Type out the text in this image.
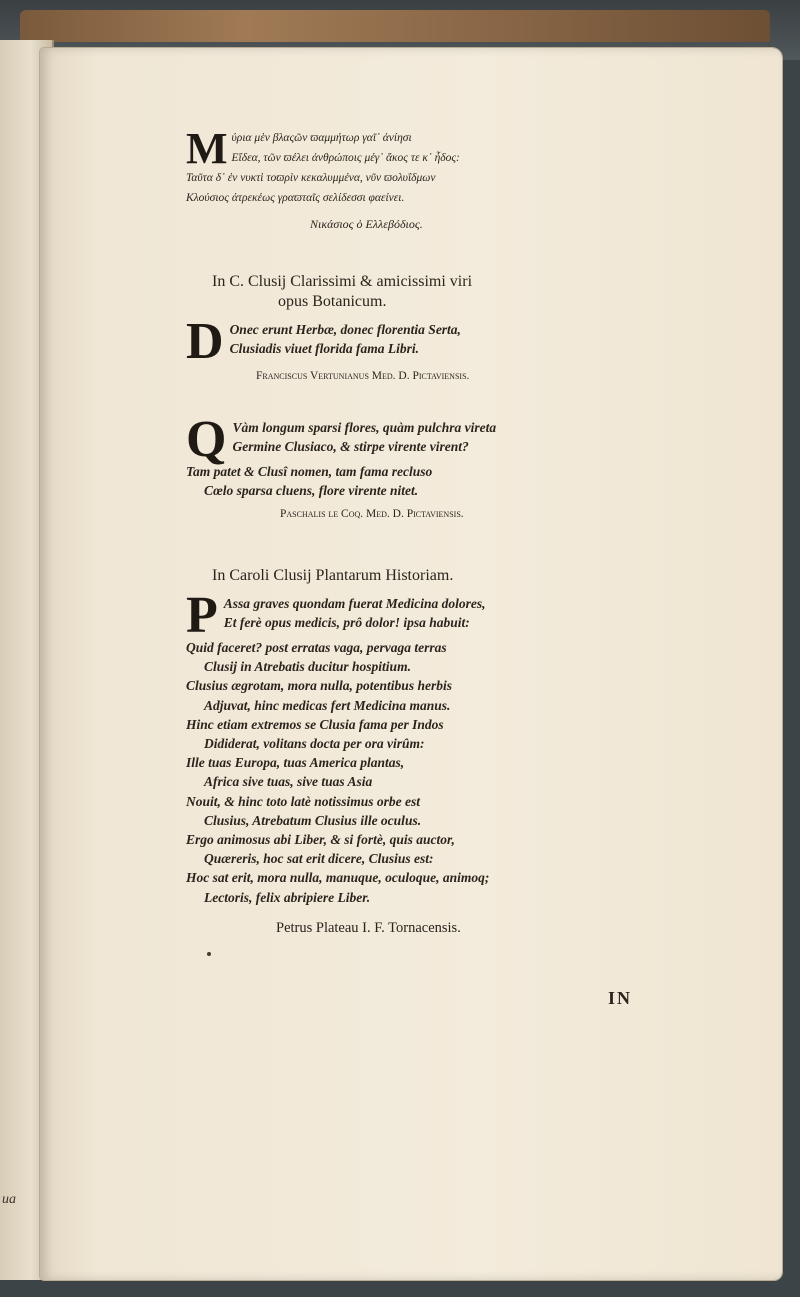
ua
M ύρια μὲν βλαςῶν ϖαμμήτωρ γαῖ᾽ ἀνίησι
Εἴδεα, τῶν ϖέλει ἀνθρώποις μέγ᾽ ἄκος τε κ᾽ ἦδος:
Ταῦτα δ᾽ ἐν νυκτὶ τοϖρὶν κεκαλυμμένα, νῦν ϖολυΐδμων
Κλούσιος ἀτρεκέως γραϖταῖς σελίδεσσι φαείνει.
Νικάσιος ὁ Ελλεβόδιος.
In C. Clusij Clarissimi & amicissimi viri
opus Botanicum.
D Onec erunt Herbæ, donec florentia Serta,
Clusiadis viuet florida fama Libri.
Franciscus Vertunianus Med. D. Pictaviensis.
Q Vàm longum sparsi flores, quàm pulchra vireta
Germine Clusiaco, & stirpe virente virent?
Tam patet & Clusî nomen, tam fama recluso
Cœlo sparsa cluens, flore virente nitet.
Paschalis le Coq. Med. D. Pictaviensis.
In Caroli Clusij Plantarum Historiam.
P Assa graves quondam fuerat Medicina dolores,
Et ferè opus medicis, prô dolor! ipsa habuit:
Quid faceret? post erratas vaga, pervaga terras
Clusij in Atrebatis ducitur hospitium.
Clusius ægrotam, mora nulla, potentibus herbis
Adjuvat, hinc medicas fert Medicina manus.
Hinc etiam extremos se Clusia fama per Indos
Dididerat, volitans docta per ora virûm:
Ille tuas Europa, tuas America plantas,
Africa sive tuas, sive tuas Asia
Nouit, & hinc toto latè notissimus orbe est
Clusius, Atrebatum Clusius ille oculus.
Ergo animosus abi Liber, & si fortè, quis auctor,
Quæreris, hoc sat erit dicere, Clusius est:
Hoc sat erit, mora nulla, manuque, oculoque, animoq;
Lectoris, felix abripiere Liber.
Petrus Plateau I. F. Tornacensis.
IN
